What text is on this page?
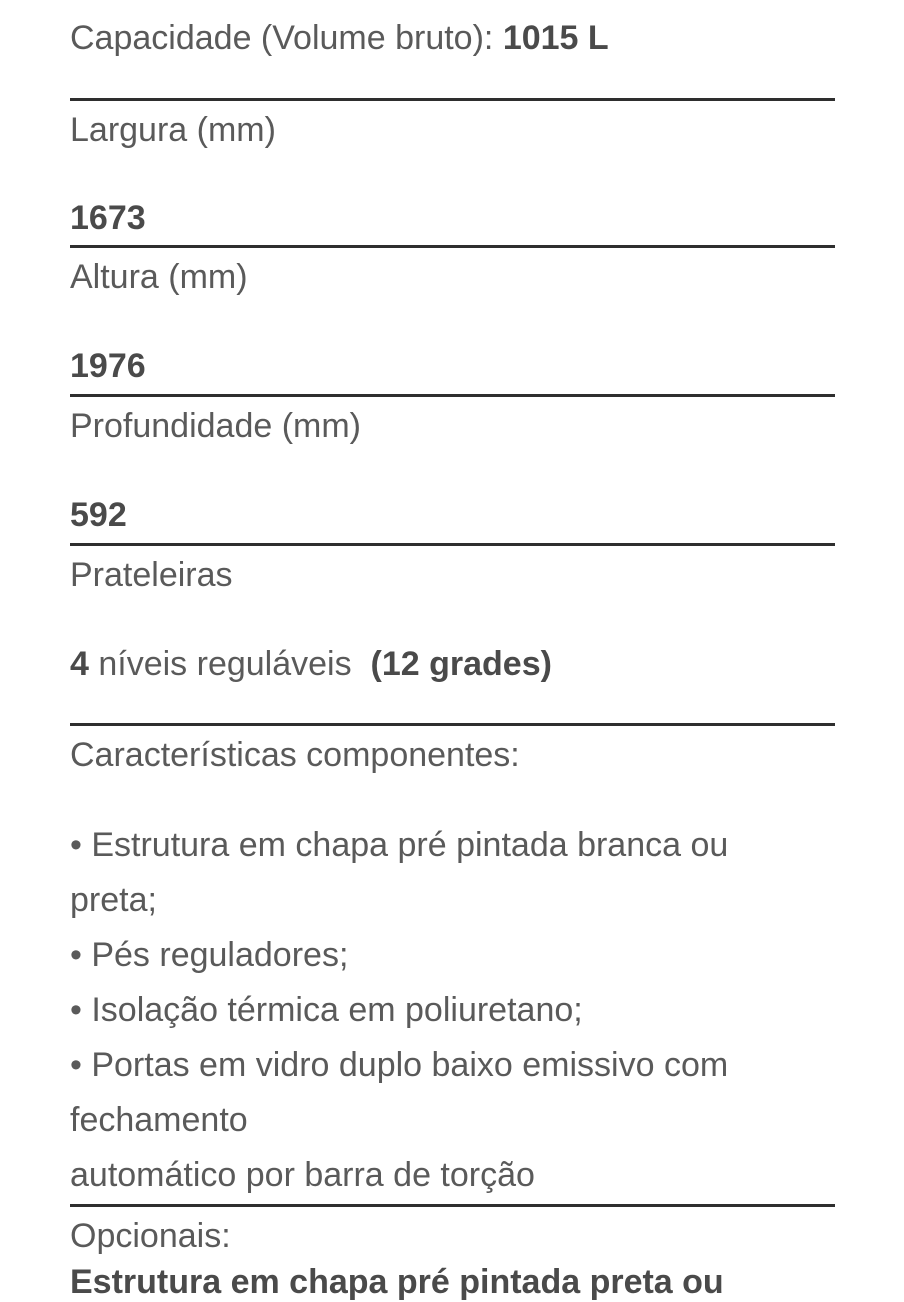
Capacidade (Volume bruto): 1015 L
Largura (mm)
1673
Altura (mm)
1976
Profundidade (mm)
592
Prateleiras
4 níveis reguláveis  (12 grades)
Características componentes:
• Estrutura em chapa pré pintada branca ou
preta;
• Pés reguladores;
• Isolação térmica em poliuretano;
• Portas em vidro duplo baixo emissivo com
fechamento
automático por barra de torção
Opcionais:
Estrutura em chapa pré pintada preta ou
